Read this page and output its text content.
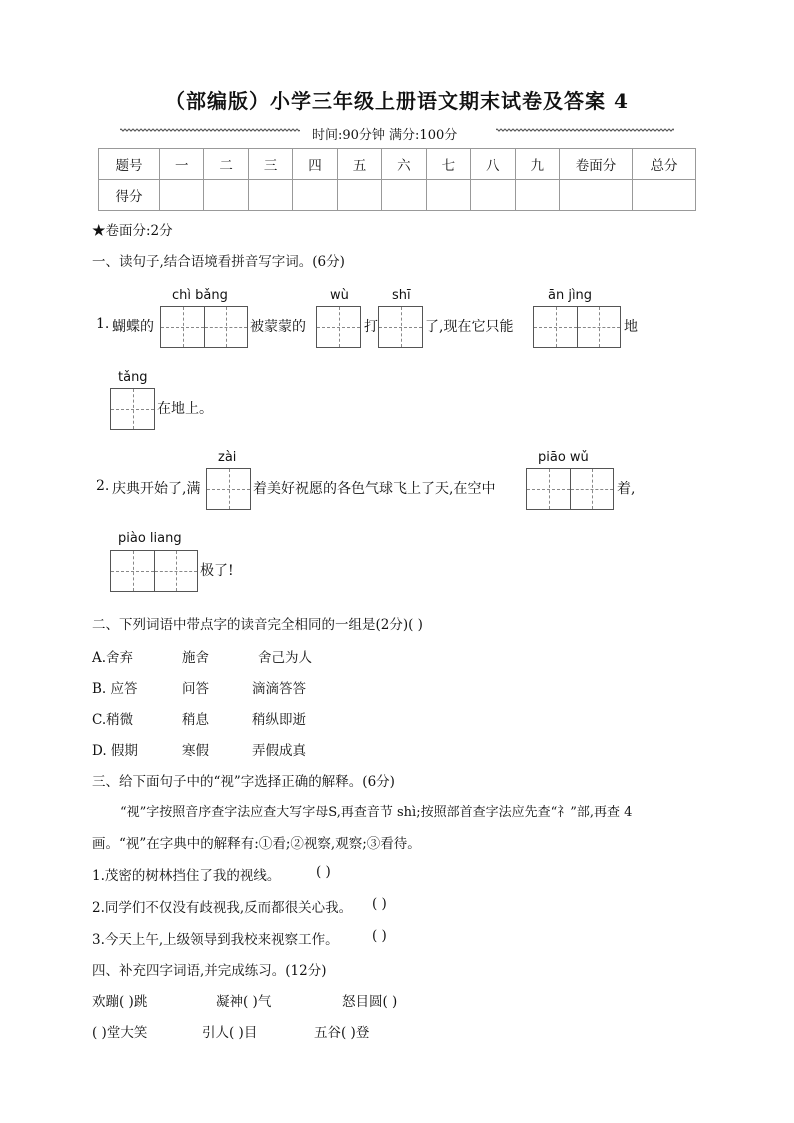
（部编版）小学三年级上册语文期末试卷及答案 4
时间:90分钟 满分:100分
题号	一	二	三	四	五	六	七	八	九	卷面分	总分
得分											
★卷面分:2分
一、读句子,结合语境看拼音写字词。(6分)
chì bǎng	wù	shī	ān jìng
1. 蝴蝶的	被蒙蒙的	打	了,现在它只能	地
tǎng
在地上。
zài	piāo wǔ
2. 庆典开始了,满	着美好祝愿的各色气球飞上了天,在空中	着,
piào liang
极了!
二、下列词语中带点字的读音完全相同的一组是(2分)( )
A.舍弃	施舍	舍己为人
B. 应答	问答	滴滴答答
C.稍微	稍息	稍纵即逝
D. 假期	寒假	弄假成真
三、给下面句子中的“视”字选择正确的解释。(6分)
“视”字按照音序查字法应查大写字母S,再查音节 shì;按照部首查字法应先查“礻”部,再查 4
画。“视”在字典中的解释有:①看;②视察,观察;③看待。
1.茂密的树林挡住了我的视线。	( )
2.同学们不仅没有歧视我,反而都很关心我。 ( )
3.今天上午,上级领导到我校来视察工作。 ( )
四、补充四字词语,并完成练习。(12分)
欢蹦( )跳	凝神( )气	怒目圆( )
( )堂大笑	引人( )目	五谷( )登
